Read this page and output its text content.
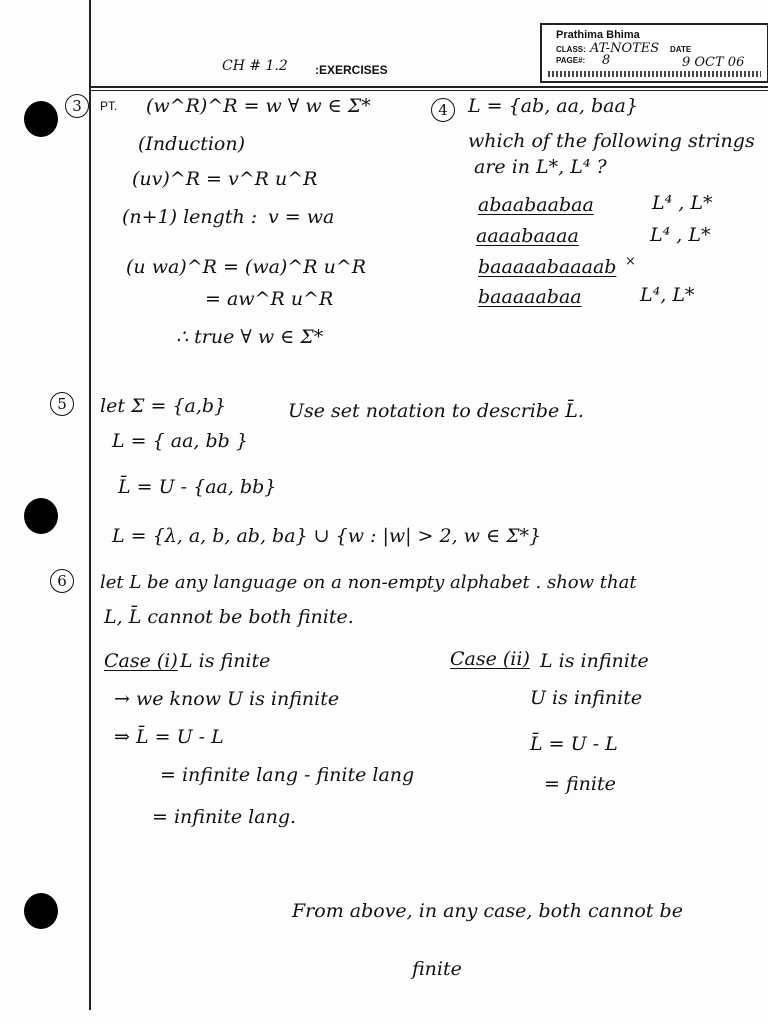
CH # 1.2 :EXERCISES
Prathima Bhima
CLASS: AT-NOTES DATE
PAGE#: 8	9 OCT 06
3	PT. (w^R)^R = w ∀ w ∈ Σ*
(Induction)
(uv)^R = v^R u^R
(n+1) length : v = wa
(u wa)^R = (wa)^R u^R
= aw^R u^R
∴ true ∀ w ∈ Σ*
4	L = {ab, aa, baa}
which of the following strings
are in L*, L⁴ ?
abaabaabaa	L⁴ , L*
aaaabaaaa	L⁴ , L*
baaaaabaaaab ×
baaaaabaa	L⁴, L*
5	let Σ = {a,b}	Use set notation to describe L̄.
L = { aa, bb }
L̄ = U - {aa, bb}
L = {λ, a, b, ab, ba} ∪ {w : |w| > 2, w ∈ Σ*}
6	let L be any language on a non-empty alphabet . show that
L, L̄ cannot be both finite.
Case (i) L is finite
→ we know U is infinite
⇒ L̄ = U - L
= infinite lang - finite lang
= infinite lang.
Case (ii) L is infinite
U is infinite
L̄ = U - L
= finite
From above, in any case, both cannot be
finite
